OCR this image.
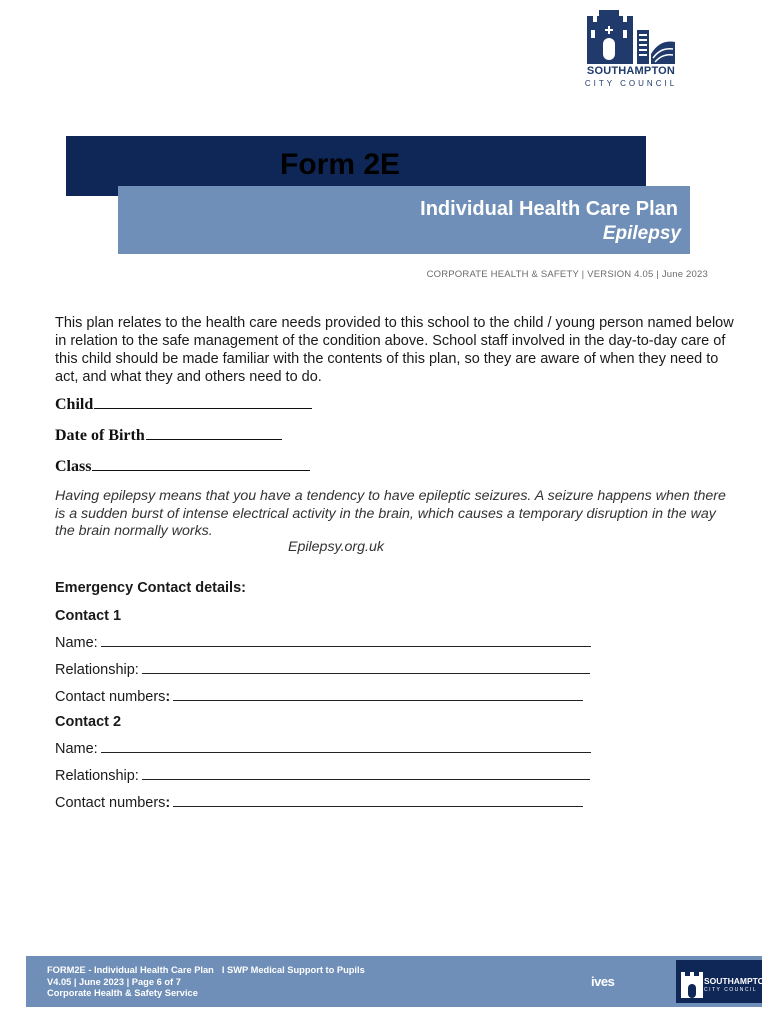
SOUTHAMPTON
CITY COUNCIL
Form 2E
Individual Health Care Plan
Epilepsy
CORPORATE HEALTH & SAFETY | VERSION 4.05 | June 2023
This plan relates to the health care needs provided to this school to the child / young person named below in relation to the safe management of the condition above. School staff involved in the day-to-day care of this child should be made familiar with the contents of this plan, so they are aware of when they need to act, and what they and others need to do.
Child
Date of Birth
Class
Having epilepsy means that you have a tendency to have epileptic seizures. A seizure happens when there is a sudden burst of intense electrical activity in the brain, which causes a temporary disruption in the way the brain normally works.
Epilepsy.org.uk
Emergency Contact details:
Contact 1
Name:
Relationship:
Contact numbers:
Contact 2
Name:
Relationship:
Contact numbers:
FORM2E - Individual Health Care Plan I SWP Medical Support to Pupils
V4.05 | June 2023 | Page 6 of 7
Corporate Health & Safety Service
ives	SOUTHAMPTON
CITY COUNCIL
